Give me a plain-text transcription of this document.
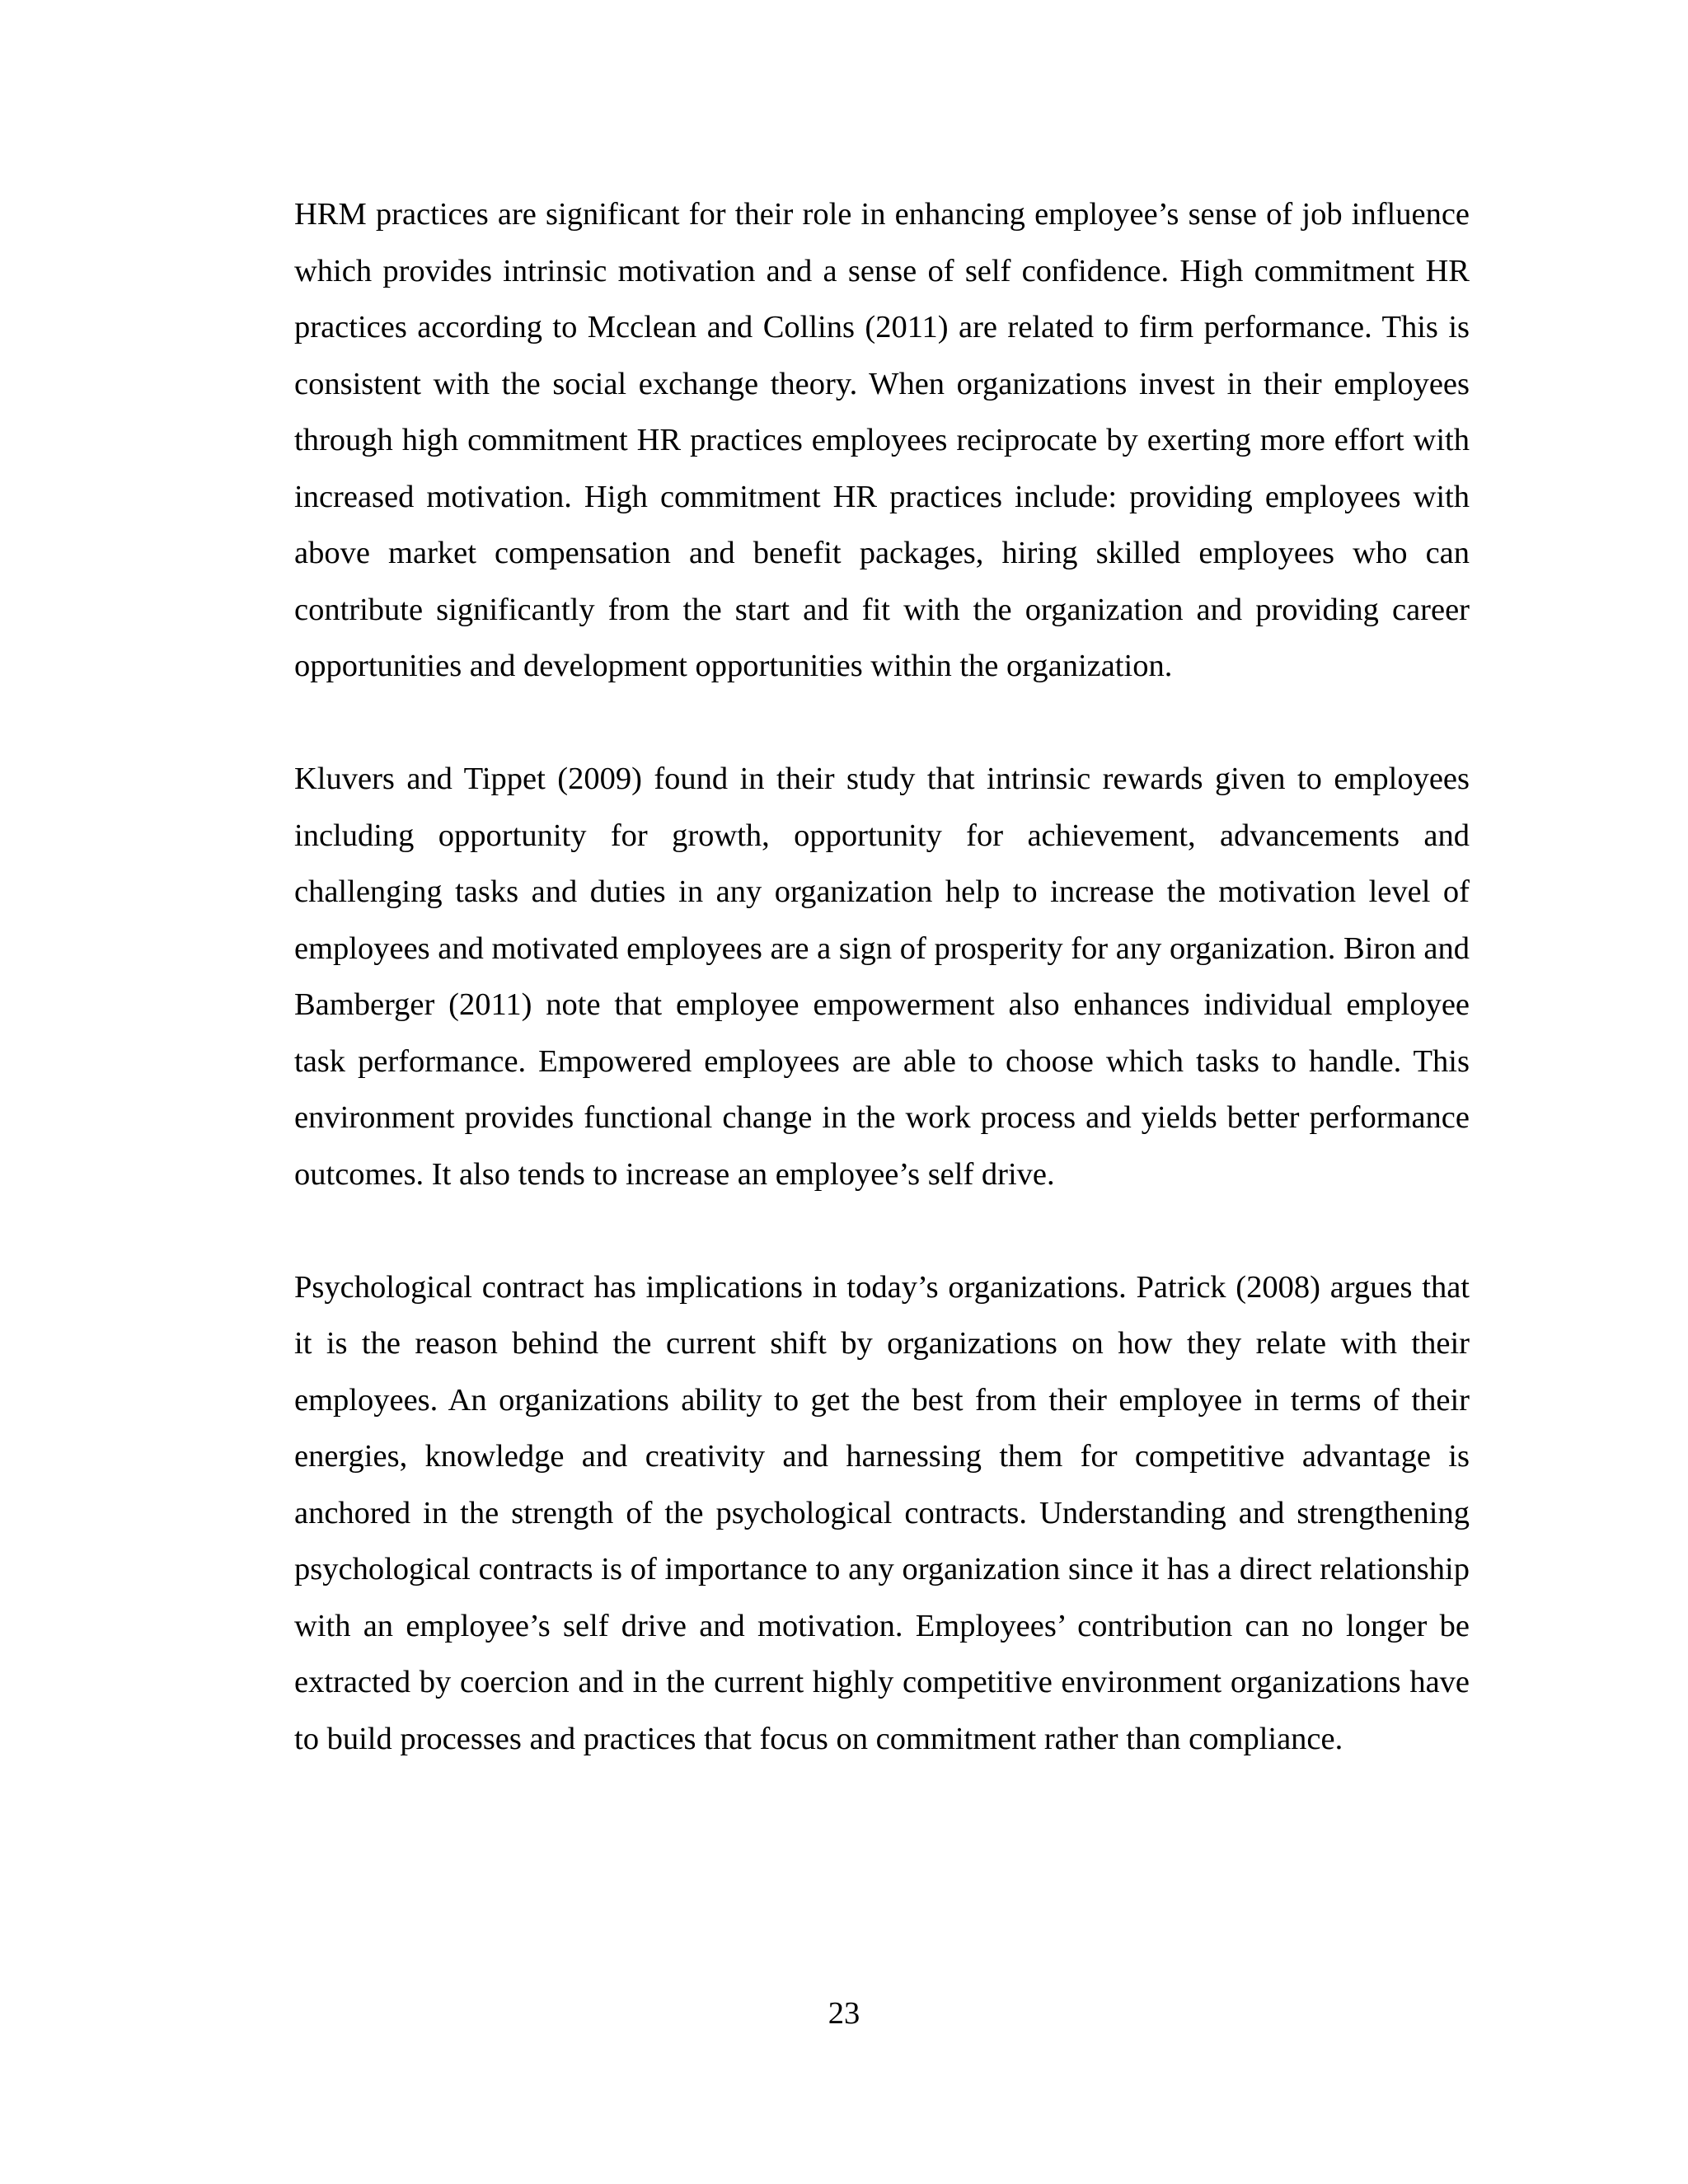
HRM practices are significant for their role in enhancing employee’s sense of job influence which provides intrinsic motivation and a sense of self confidence. High commitment HR practices according to Mcclean and Collins (2011) are related to firm performance. This is consistent with the social exchange theory. When organizations invest in their employees through high commitment HR practices employees reciprocate by exerting more effort with increased motivation. High commitment HR practices include: providing employees with above market compensation and benefit packages, hiring skilled employees who can contribute significantly from the start and fit with the organization and providing career opportunities and development opportunities within the organization.

Kluvers and Tippet (2009) found in their study that intrinsic rewards given to employees including opportunity for growth, opportunity for achievement, advancements and challenging tasks and duties in any organization help to increase the motivation level of employees and motivated employees are a sign of prosperity for any organization. Biron and Bamberger (2011) note that employee empowerment also enhances individual employee task performance. Empowered employees are able to choose which tasks to handle. This environment provides functional change in the work process and yields better performance outcomes. It also tends to increase an employee’s self drive.

Psychological contract has implications in today’s organizations. Patrick (2008) argues that it is the reason behind the current shift by organizations on how they relate with their employees. An organizations ability to get the best from their employee in terms of their energies, knowledge and creativity and harnessing them for competitive advantage is anchored in the strength of the psychological contracts. Understanding and strengthening psychological contracts is of importance to any organization since it has a direct relationship with an employee’s self drive and motivation. Employees’ contribution can no longer be extracted by coercion and in the current highly competitive environment organizations have to build processes and practices that focus on commitment rather than compliance.

23
